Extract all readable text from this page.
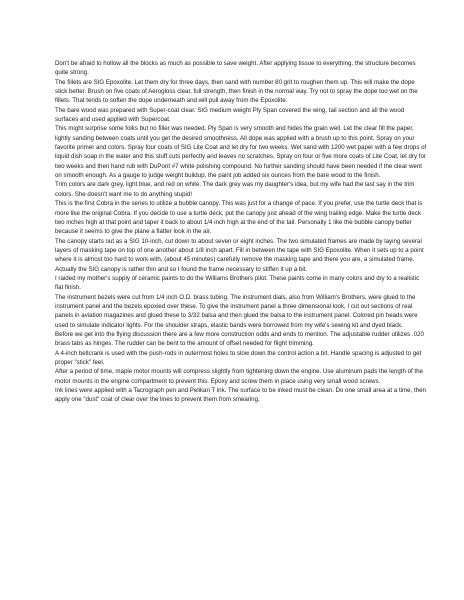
Don't be afraid to hollow all the blocks as much as possible to save weight. After applying tissue to everything, the structure becomes quite strong.

The fillets are SIG Epoxolite. Let them dry for three days, then sand with number 80 grit to roughen them up. This will make the dope stick better. Brush on five coats of Aerogloss clear, full strength, then finish in the normal way. Try not to spray the dope too wet on the fillets. That tends to soften the dope underneath and will pull away from the Epoxolite.

The bare wood was prepared with Super-coat clear. SIG medium weight Ply Span covered the wing, tail section and all the wood surfaces and used applied with Supercoat.

This might surprise some folks but no filler was needed. Ply Span is very smooth and hides the grain well. Let the clear fill the paper, lightly sanding between coats until you get the desired smoothness. All dope was applied with a brush up to this point. Spray on your favorite primer and colors. Spray four coats of SIG Lite Coat and let dry for two weeks. Wet sand with 1200 wet paper with a few drops of liquid dish soap in the water and this stuff cuts perfectly and leaves no scratches. Spray on four or five more coats of Lite Coat, let dry for two weeks and then hand rub with DuPont #7 white polishing compound. No further sanding should have been needed if the clear went on smooth enough. As a gauge to judge weight buildup, the paint job added six ounces from the bare wood to the finish.

Trim colors are dark grey, light blue, and red on white. The dark grey was my daughter's idea, but my wife had the last say in the trim colors. She doesn't want me to do anything stupid!

This is the first Cobra in the series to utilize a bubble canopy. This was just for a change of pace. If you prefer, use the turtle deck that is more like the original Cobra. If you decide to use a turtle deck, put the canopy just ahead of the wing trailing edge. Make the turtle deck two inches high at that point and taper it back to about 1/4 inch high at the end of the tail. Personally 1 like the bubble canopy better because it seems to give the plane a flatter look in the air.

The canopy starts out as a SIG 10-inch, cut down to about seven or eight inches. The two simulated frames are made by laying several layers of masking tape on top of one another about 1/8 inch apart. Fill in between the tape with SIG Epoxolite. When it sets up to a point where it is almost too hard to work with, (about 45 minutes) carefully remove the masking tape and there you are, a simulated frame. Actually the SIG canopy is rather thin and so I found the frame necessary to stiffen it up a bit.

I raided my mother's supply of ceramic paints to do the Williams Brothers pilot. These paints come in many colors and dry to a realistic flat finish.

The instrument bezels were cut from 1/4 inch O.D. brass tubing. The instrument dials, also from William's Brothers, were glued to the instrument panel and the bezels epoxied over these. To give the instrument panel a three dimensional look, I cut out sections of real panels in aviation magazines and glued these to 3/32 balsa and then glued the balsa to the instrument panel. Colored pin heads were used to simulate indicator lights. For the shoulder straps, elastic bands were borrowed from my wife's sewing kit and dyed black.

Before we get into the flying discussion there are a few more construction odds and ends to mention. The adjustable rudder utilizes .020 brass tabs as hinges. The rudder can be bent to the amount of offset needed for flight trimming.

A 4-inch bellcrank is used with the push-rods in outermost holes to slow down the control action a bit. Handle spacing is adjusted to get proper "stick" feel.

After a period of time, maple motor mounts will compress slightly from tightening down the engine. Use aluminum pads the length of the motor mounts in the engine compartment to prevent this. Epoxy and screw them in place using very small wood screws.

Ink lines were applied with a Tacrograph pen and Pelikan T ink. The surface to be inked must be clean. Do one small area at a time, then apply one "dust" coat of clear over the lines to prevent them from smearing.
